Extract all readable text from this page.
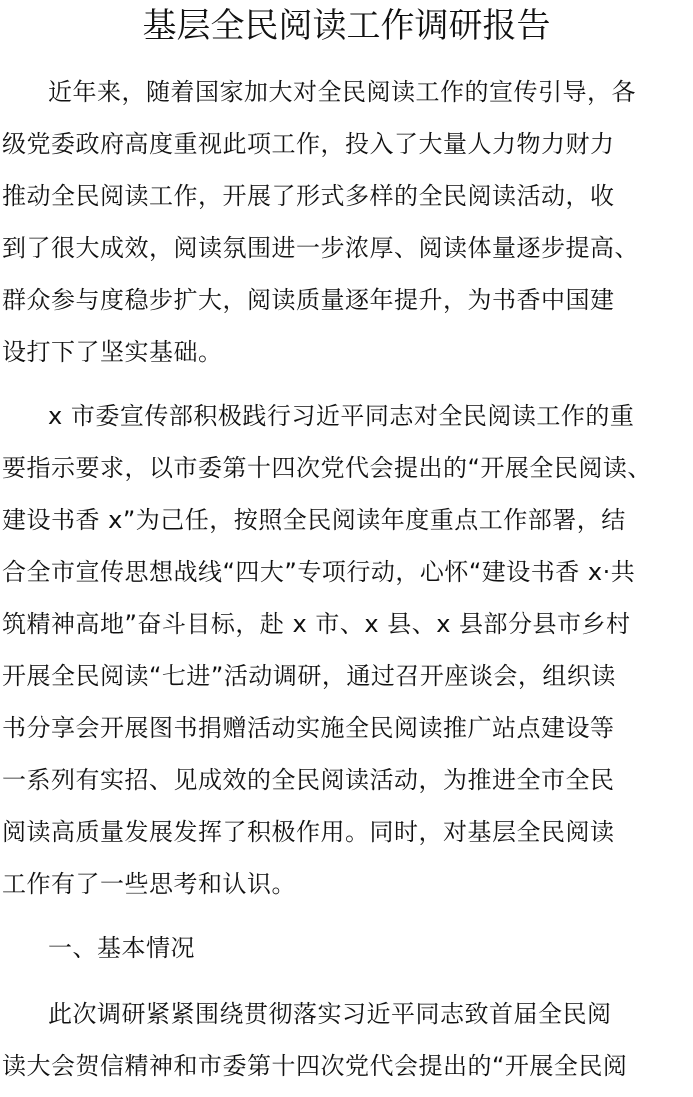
基层全民阅读工作调研报告
近年来，随着国家加大对全民阅读工作的宣传引导，各
级党委政府高度重视此项工作，投入了大量人力物力财力
推动全民阅读工作，开展了形式多样的全民阅读活动，收
到了很大成效，阅读氛围进一步浓厚、阅读体量逐步提高、
群众参与度稳步扩大，阅读质量逐年提升，为书香中国建
设打下了坚实基础。
x 市委宣传部积极践行习近平同志对全民阅读工作的重
要指示要求，以市委第十四次党代会提出的“开展全民阅读、
建设书香 x”为己任，按照全民阅读年度重点工作部署，结
合全市宣传思想战线“四大”专项行动，心怀“建设书香 x·共
筑精神高地”奋斗目标，赴 x 市、x 县、x 县部分县市乡村
开展全民阅读“七进”活动调研，通过召开座谈会，组织读
书分享会开展图书捐赠活动实施全民阅读推广站点建设等
一系列有实招、见成效的全民阅读活动，为推进全市全民
阅读高质量发展发挥了积极作用。同时，对基层全民阅读
工作有了一些思考和认识。
一、基本情况
此次调研紧紧围绕贯彻落实习近平同志致首届全民阅
读大会贺信精神和市委第十四次党代会提出的“开展全民阅
